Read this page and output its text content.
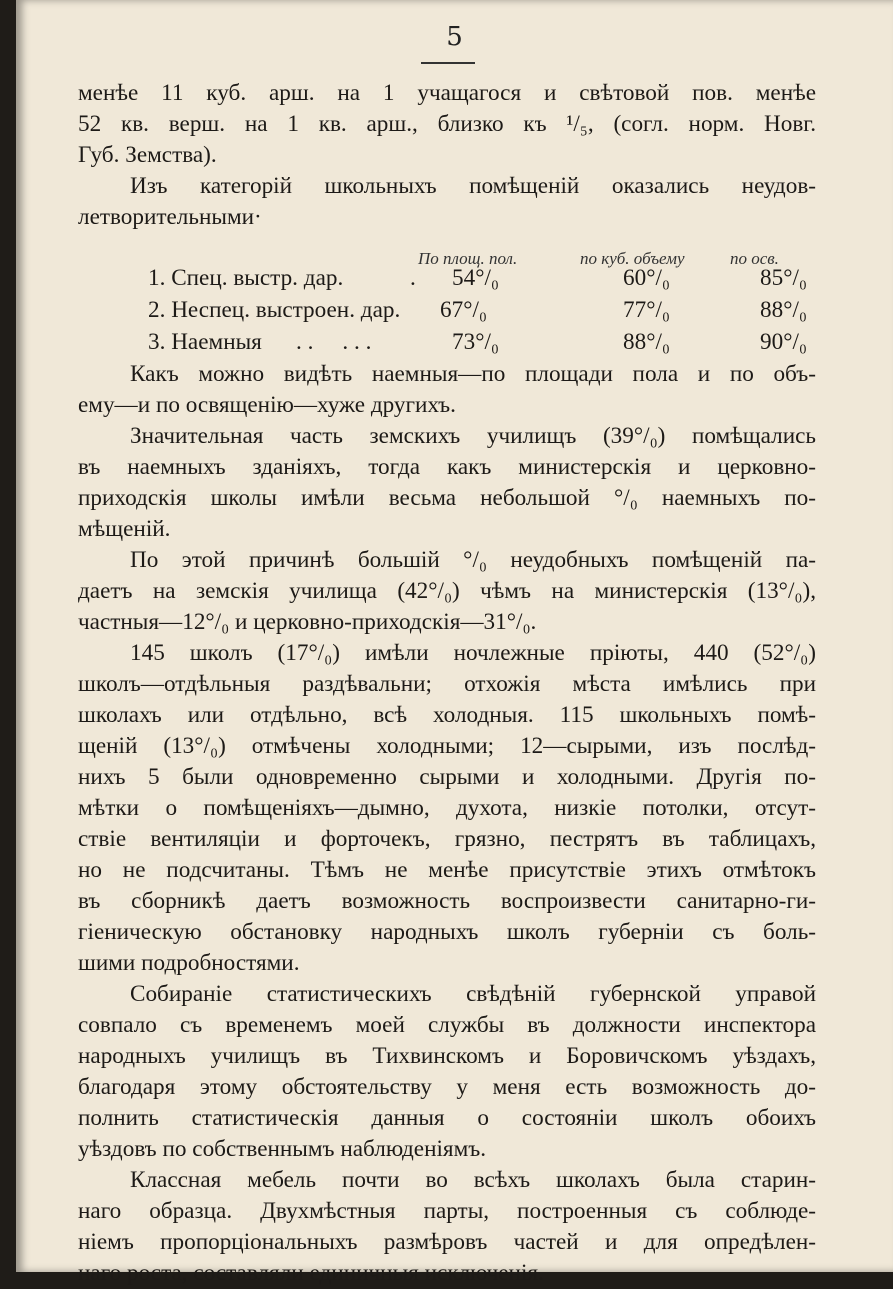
5
менѣе 11 куб. арш. на 1 учащагося и свѣтовой пов. менѣе
52 кв. верш. на 1 кв. арш., близко къ ¹/₅, (согл. норм. Новг.
Губ. Земства).
Изъ категорій школьныхъ помѣщеній оказались неудов-
летворительными·
По площ. пол.	по куб. объему	по осв.
1. Спец. выстр. дар.	. 54°/₀	60°/₀	85°/₀
2. Неспец. выстроен. дар. 67°/₀	77°/₀	88°/₀
3. Наемныя . .     . . .	73°/₀	88°/₀	90°/₀
Какъ можно видѣть наемныя—по площади пола и по объ-
ему—и по освященію—хуже другихъ.
Значительная часть земскихъ училищъ (39°/₀) помѣщались
въ наемныхъ зданіяхъ, тогда какъ министерскія и церковно-
приходскія школы имѣли весьма небольшой °/₀ наемныхъ по-
мѣщеній.
По этой причинѣ большій °/₀ неудобныхъ помѣщеній па-
даетъ на земскія училища (42°/₀) чѣмъ на министерскія (13°/₀),
частныя—12°/₀ и церковно-приходскія—31°/₀.
145 школъ (17°/₀) имѣли ночлежные пріюты, 440 (52°/₀)
школъ—отдѣльныя раздѣвальни; отхожія мѣста имѣлись при
школахъ или отдѣльно, всѣ холодныя. 115 школьныхъ помѣ-
щеній (13°/₀) отмѣчены холодными; 12—сырыми, изъ послѣд-
нихъ 5 были одновременно сырыми и холодными. Другія по-
мѣтки о помѣщеніяхъ—дымно, духота, низкіе потолки, отсут-
ствіе вентиляціи и форточекъ, грязно, пестрятъ въ таблицахъ,
но не подсчитаны. Тѣмъ не менѣе присутствіе этихъ отмѣтокъ
въ сборникѣ даетъ возможность воспроизвести санитарно-ги-
гіеническую обстановку народныхъ школъ губерніи съ боль-
шими подробностями.
Собираніе статистическихъ свѣдѣній губернской управой
совпало съ временемъ моей службы въ должности инспектора
народныхъ училищъ въ Тихвинскомъ и Боровичскомъ уѣздахъ,
благодаря этому обстоятельству у меня есть возможность до-
полнить статистическія данныя о состояніи школъ обоихъ
уѣздовъ по собственнымъ наблюденіямъ.
Классная мебель почти во всѣхъ школахъ была старин-
наго образца. Двухмѣстныя парты, построенныя съ соблюде-
ніемъ пропорціональныхъ размѣровъ частей и для опредѣлен-
наго роста, составляли единичныя исключенія.
